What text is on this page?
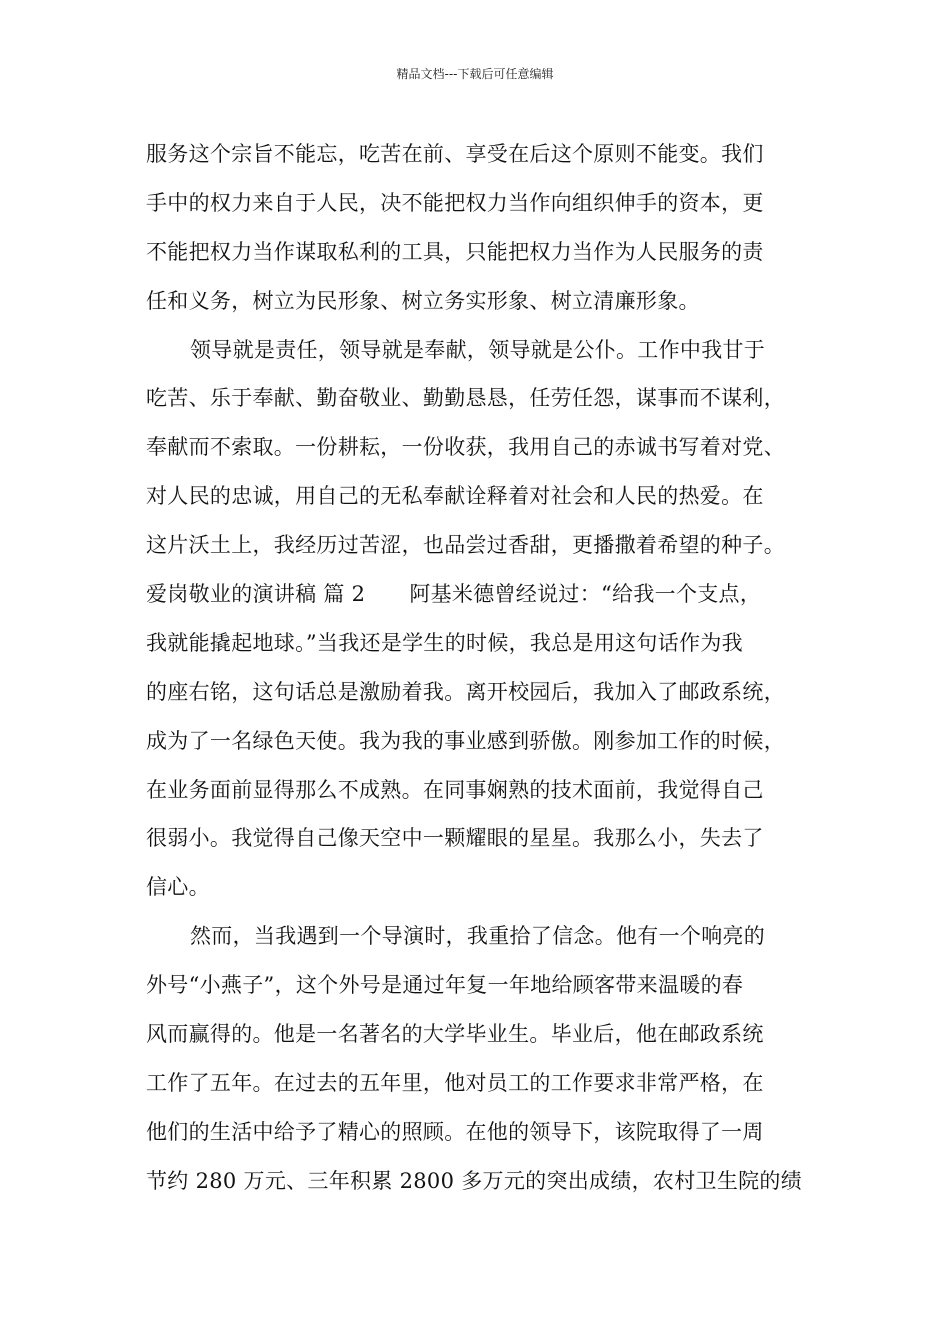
精品文档---下载后可任意编辑
服务这个宗旨不能忘，吃苦在前、享受在后这个原则不能变。我们
手中的权力来自于人民，决不能把权力当作向组织伸手的资本，更
不能把权力当作谋取私利的工具，只能把权力当作为人民服务的责
任和义务，树立为民形象、树立务实形象、树立清廉形象。
领导就是责任，领导就是奉献，领导就是公仆。工作中我甘于
吃苦、乐于奉献、勤奋敬业、勤勤恳恳，任劳任怨，谋事而不谋利，
奉献而不索取。一份耕耘，一份收获，我用自己的赤诚书写着对党、
对人民的忠诚，用自己的无私奉献诠释着对社会和人民的热爱。在
这片沃土上，我经历过苦涩，也品尝过香甜，更播撒着希望的种子。
爱岗敬业的演讲稿 篇 2 阿基米德曾经说过：“给我一个支点，
我就能撬起地球。”当我还是学生的时候，我总是用这句话作为我
的座右铭，这句话总是激励着我。离开校园后，我加入了邮政系统，
成为了一名绿色天使。我为我的事业感到骄傲。刚参加工作的时候，
在业务面前显得那么不成熟。在同事娴熟的技术面前，我觉得自己
很弱小。我觉得自己像天空中一颗耀眼的星星。我那么小，失去了
信心。
然而，当我遇到一个导演时，我重拾了信念。他有一个响亮的
外号“小燕子”，这个外号是通过年复一年地给顾客带来温暖的春
风而赢得的。他是一名著名的大学毕业生。毕业后，他在邮政系统
工作了五年。在过去的五年里，他对员工的工作要求非常严格，在
他们的生活中给予了精心的照顾。在他的领导下，该院取得了一周
节约 280 万元、三年积累 2800 多万元的突出成绩，农村卫生院的绩
